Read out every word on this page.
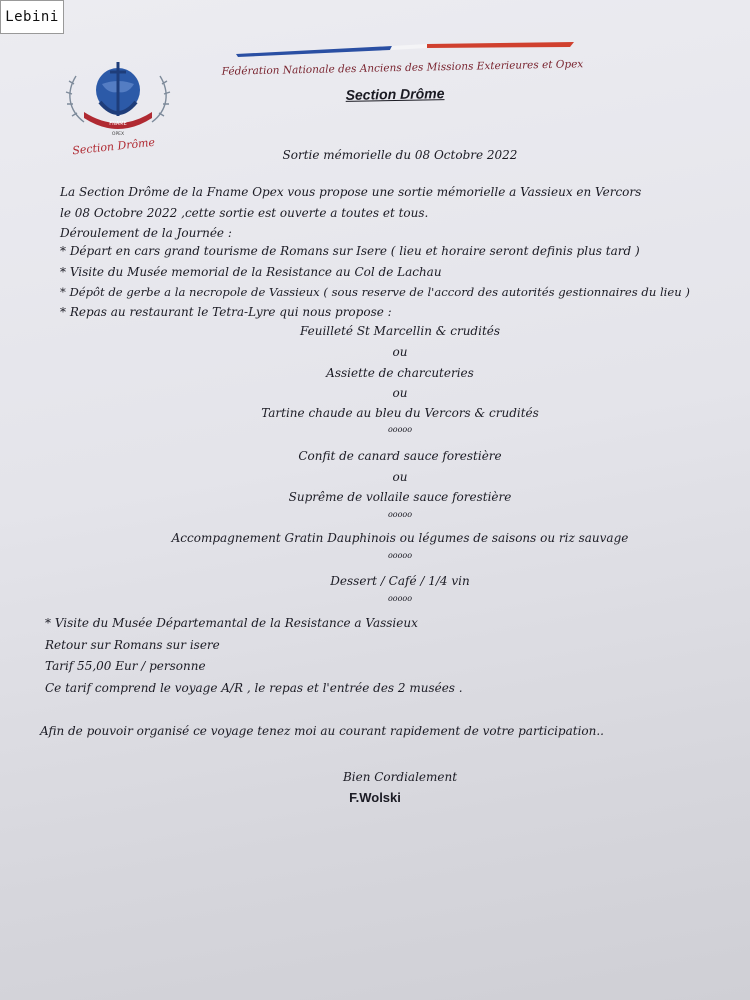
Lebini
Fédération Nationale des Anciens des Missions Exterieures et Opex
Section Drôme
FNAME
OPEX
Section Drôme	Sortie mémorielle du 08 Octobre 2022
La Section Drôme de la Fname Opex vous propose une sortie mémorielle a Vassieux en Vercors
le 08 Octobre 2022 ,cette sortie est ouverte a toutes et tous.
Déroulement de la Journée :
* Départ en cars grand tourisme de Romans sur Isere ( lieu et horaire seront definis plus tard )
* Visite du Musée memorial de la Resistance au Col de Lachau
* Dépôt de gerbe a la necropole de Vassieux ( sous reserve de l'accord des autorités gestionnaires du lieu )
* Repas au restaurant le Tetra-Lyre qui nous propose :
Feuilleté St Marcellin & crudités
ou
Assiette de charcuteries
ou
Tartine chaude au bleu du Vercors & crudités
ooooo
Confit de canard sauce forestière
ou
Suprême de vollaile sauce forestière
ooooo
Accompagnement Gratin Dauphinois ou légumes de saisons ou riz sauvage
ooooo
Dessert / Café / 1/4 vin
ooooo
* Visite du Musée Départemantal de la Resistance a Vassieux
Retour sur Romans sur isere
Tarif 55,00 Eur / personne
Ce tarif comprend le voyage A/R , le repas et l'entrée des 2 musées .
Afin de pouvoir organisé ce voyage tenez moi au courant rapidement de votre participation..
Bien Cordialement
F.Wolski
